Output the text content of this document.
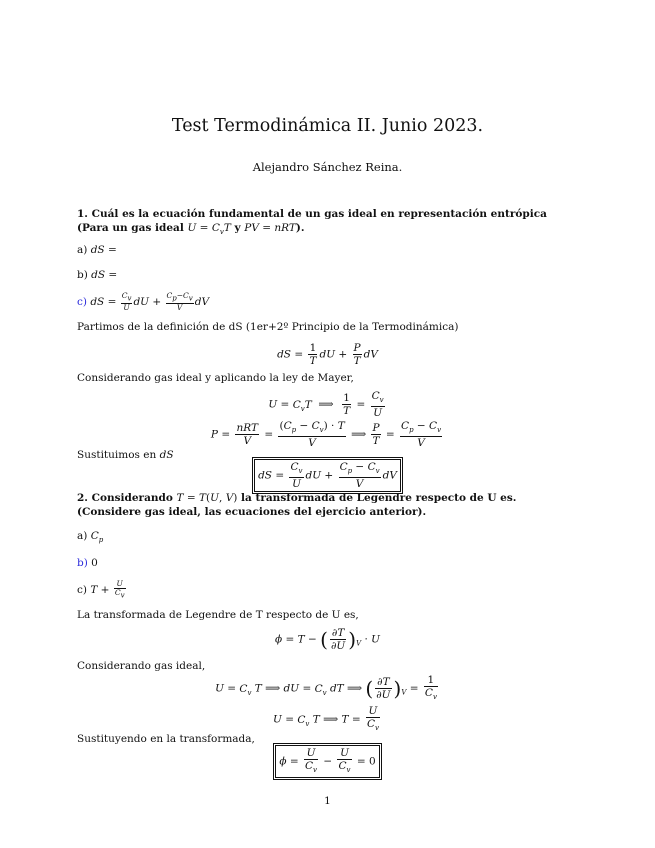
Test Termodinámica II. Junio 2023.
Alejandro Sánchez Reina.
1. Cuál es la ecuación fundamental de un gas ideal en representación entrópica (Para un gas ideal $U = C_vT$ y PV = nRT).
a) dS =
b) dS =
c) dS = $\frac{C_v}{U}$ dU + $\frac{C_p-C_v}{V}$ dV
Partimos de la definición de dS (1er+2º Principio de la Termodinámica)
dS = $\frac{1}{T}$ dU + $\frac{P}{T}$ dV
Considerando gas ideal y aplicando la ley de Mayer,
$U = C_vT$  ⟹ $\frac{1}{T} = \frac{C_v}{U}$
$P = \frac{\text{nRT}}{V} = \frac{(C_p - C_v) \cdot T}{V}$ ⟹ $\frac{P}{T} = \frac{C_p - C_v}{V}$
Sustituimos en dS
dS = $\frac{C_v}{U}$ dU + $\frac{C_p - C_v}{V}$ dV
2. Considerando T = T(U, V) la transformada de Legendre respecto de U es. (Considere gas ideal, las ecuaciones del ejercicio anterior).
a) $C_p$
b) 0
c) $T + \frac{U}{C_v}$
La transformada de Legendre de T respecto de U es,
ϕ = T − ( $\frac{\partial T}{\partial U} )_V \cdot U$
Considerando gas ideal,
$U = C_v$ T ⟹ dU = $C_v$ dT ⟹ ( $\frac{\partial T}{\partial U} )_V = \frac{1}{C_v}$
$U = C_v$ T ⟹ $T = \frac{U}{C_v}$
Sustituyendo en la transformada,
$\phi = \frac{U}{C_v} - \frac{U}{C_v} = 0$
1
